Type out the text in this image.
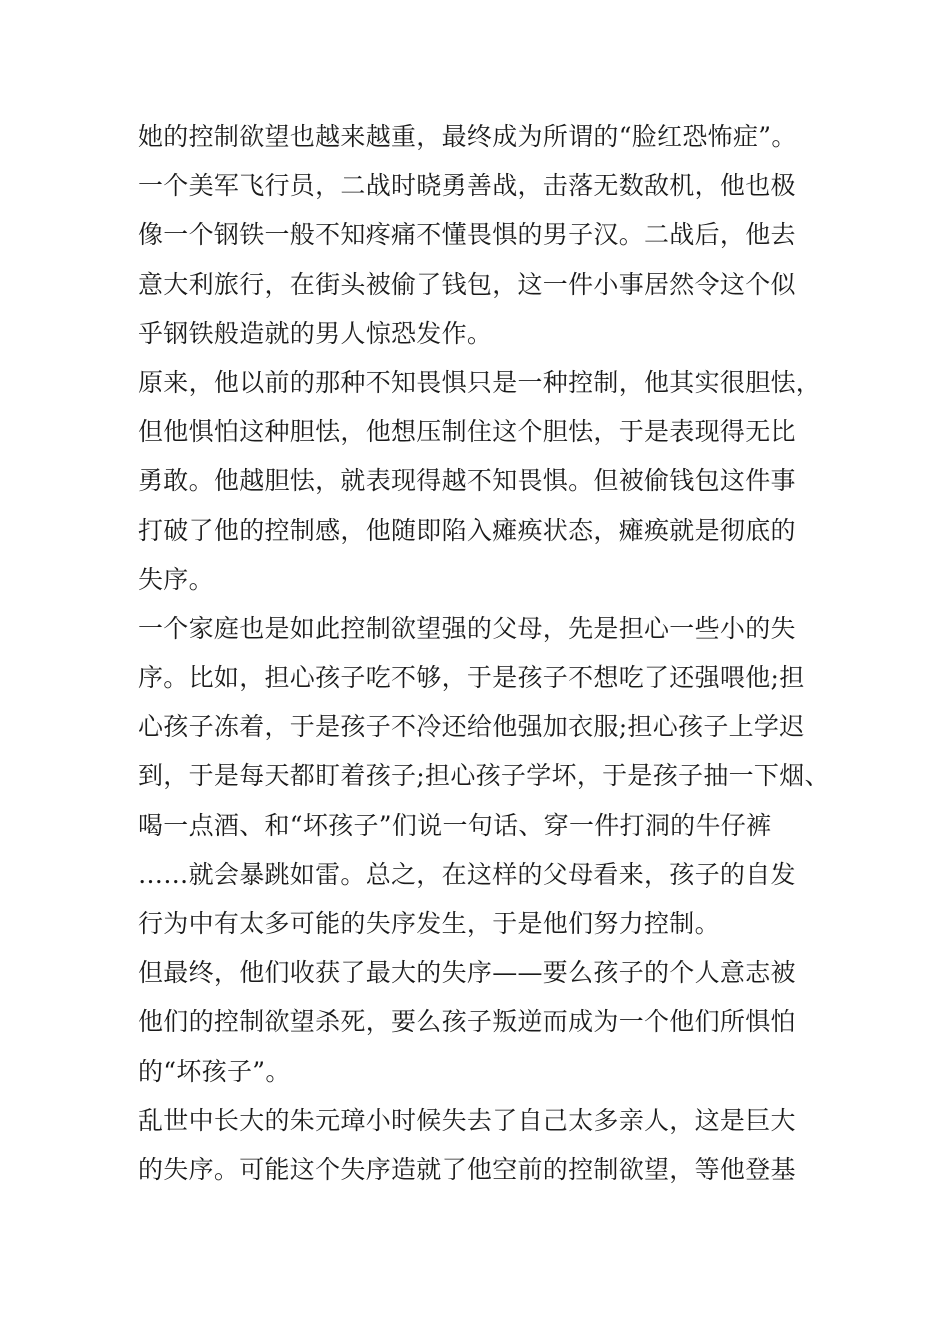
她的控制欲望也越来越重，最终成为所谓的“脸红恐怖症”。
一个美军飞行员，二战时晓勇善战，击落无数敌机，他也极
像一个钢铁一般不知疼痛不懂畏惧的男子汉。二战后，他去
意大利旅行，在街头被偷了钱包，这一件小事居然令这个似
乎钢铁般造就的男人惊恐发作。
原来，他以前的那种不知畏惧只是一种控制，他其实很胆怯，
但他惧怕这种胆怯，他想压制住这个胆怯，于是表现得无比
勇敢。他越胆怯，就表现得越不知畏惧。但被偷钱包这件事
打破了他的控制感，他随即陷入瘫痪状态，瘫痪就是彻底的
失序。
一个家庭也是如此控制欲望强的父母，先是担心一些小的失
序。比如，担心孩子吃不够，于是孩子不想吃了还强喂他;担
心孩子冻着，于是孩子不冷还给他强加衣服;担心孩子上学迟
到，于是每天都盯着孩子;担心孩子学坏，于是孩子抽一下烟、
喝一点酒、和“坏孩子”们说一句话、穿一件打洞的牛仔裤
……就会暴跳如雷。总之，在这样的父母看来，孩子的自发
行为中有太多可能的失序发生，于是他们努力控制。
但最终，他们收获了最大的失序——要么孩子的个人意志被
他们的控制欲望杀死，要么孩子叛逆而成为一个他们所惧怕
的“坏孩子”。
乱世中长大的朱元璋小时候失去了自己太多亲人，这是巨大
的失序。可能这个失序造就了他空前的控制欲望，等他登基
